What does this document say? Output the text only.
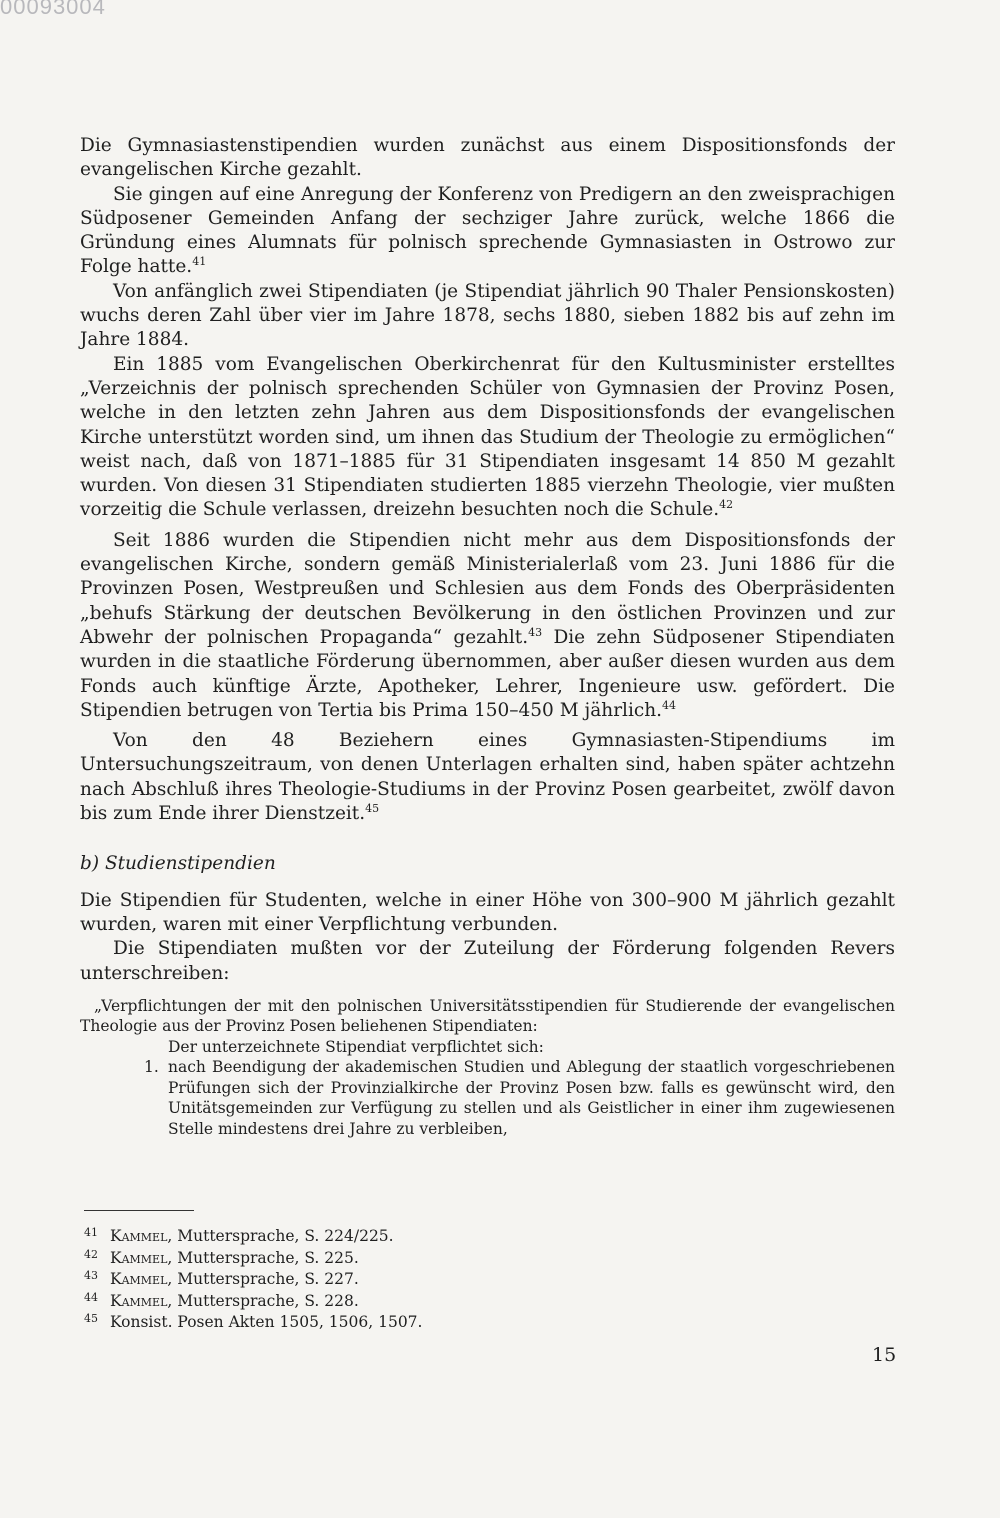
00093004

Die Gymnasiastenstipendien wurden zunächst aus einem Dispositionsfonds der evangelischen Kirche gezahlt.

Sie gingen auf eine Anregung der Konferenz von Predigern an den zweisprachigen Südposener Gemeinden Anfang der sechziger Jahre zurück, welche 1866 die Gründung eines Alumnats für polnisch sprechende Gymnasiasten in Ostrowo zur Folge hatte.$^{41}$

Von anfänglich zwei Stipendiaten (je Stipendiat jährlich 90 Thaler Pensionskosten) wuchs deren Zahl über vier im Jahre 1878, sechs 1880, sieben 1882 bis auf zehn im Jahre 1884.

Ein 1885 vom Evangelischen Oberkirchenrat für den Kultusminister erstelltes „Verzeichnis der polnisch sprechenden Schüler von Gymnasien der Provinz Posen, welche in den letzten zehn Jahren aus dem Dispositionsfonds der evangelischen Kirche unterstützt worden sind, um ihnen das Studium der Theologie zu ermöglichen“ weist nach, daß von 1871–1885 für 31 Stipendiaten insgesamt 14 850 M gezahlt wurden. Von diesen 31 Stipendiaten studierten 1885 vierzehn Theologie, vier mußten vorzeitig die Schule verlassen, dreizehn besuchten noch die Schule.$^{42}$

Seit 1886 wurden die Stipendien nicht mehr aus dem Dispositionsfonds der evangelischen Kirche, sondern gemäß Ministerialerlaß vom 23. Juni 1886 für die Provinzen Posen, Westpreußen und Schlesien aus dem Fonds des Oberpräsidenten „behufs Stärkung der deutschen Bevölkerung in den östlichen Provinzen und zur Abwehr der polnischen Propaganda“ gezahlt.$^{43}$ Die zehn Südposener Stipendiaten wurden in die staatliche Förderung übernommen, aber außer diesen wurden aus dem Fonds auch künftige Ärzte, Apotheker, Lehrer, Ingenieure usw. gefördert. Die Stipendien betrugen von Tertia bis Prima 150–450 M jährlich.$^{44}$

Von den 48 Beziehern eines Gymnasiasten-Stipendiums im Untersuchungszeitraum, von denen Unterlagen erhalten sind, haben später achtzehn nach Abschluß ihres Theologie-Studiums in der Provinz Posen gearbeitet, zwölf davon bis zum Ende ihrer Dienstzeit.$^{45}$

b) Studienstipendien

Die Stipendien für Studenten, welche in einer Höhe von 300–900 M jährlich gezahlt wurden, waren mit einer Verpflichtung verbunden.

Die Stipendiaten mußten vor der Zuteilung der Förderung folgenden Revers unterschreiben:

„Verpflichtungen der mit den polnischen Universitätsstipendien für Studierende der evangelischen Theologie aus der Provinz Posen beliehenen Stipendiaten:

Der unterzeichnete Stipendiat verpflichtet sich:

1. nach Beendigung der akademischen Studien und Ablegung der staatlich vorgeschriebenen Prüfungen sich der Provinzialkirche der Provinz Posen bzw. falls es gewünscht wird, den Unitätsgemeinden zur Verfügung zu stellen und als Geistlicher in einer ihm zugewiesenen Stelle mindestens drei Jahre zu verbleiben,
41 Kammel, Muttersprache, S. 224/225.
42 Kammel, Muttersprache, S. 225.
43 Kammel, Muttersprache, S. 227.
44 Kammel, Muttersprache, S. 228.
45 Konsist. Posen Akten 1505, 1506, 1507.
15
